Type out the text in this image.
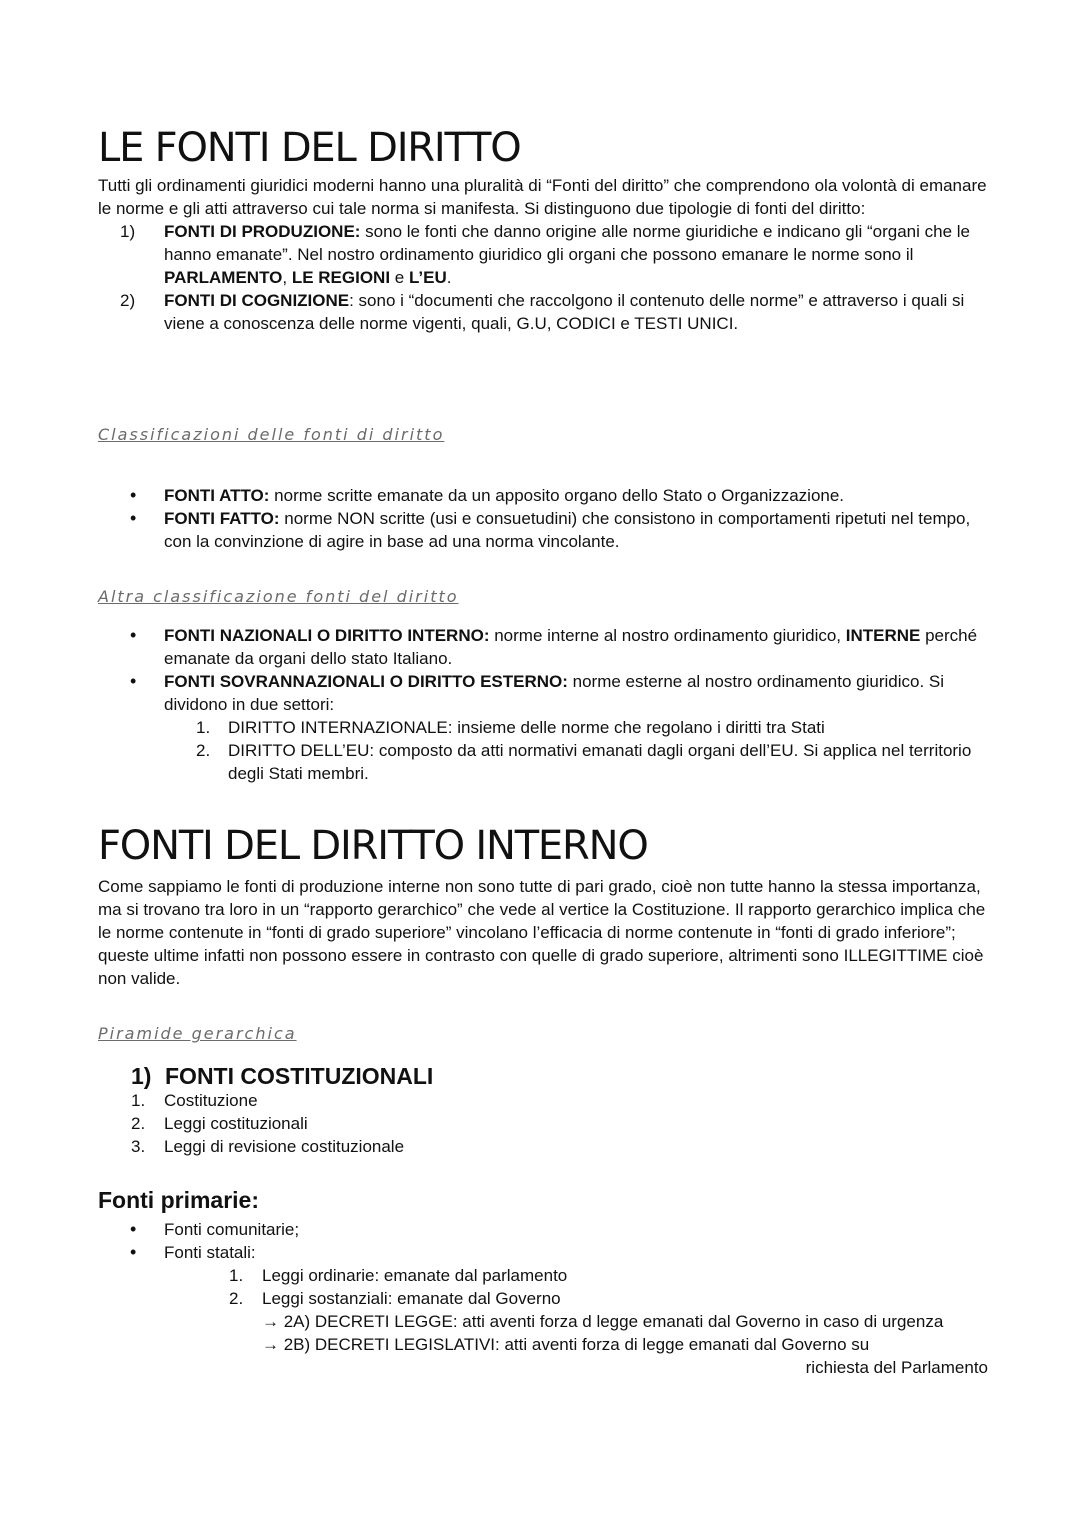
LE FONTI DEL DIRITTO

Tutti gli ordinamenti giuridici moderni hanno una pluralità di “Fonti del diritto” che comprendono ola volontà di emanare le norme e gli atti attraverso cui tale norma si manifesta. Si distinguono due tipologie di fonti del diritto:

1) FONTI DI PRODUZIONE: sono le fonti che danno origine alle norme giuridiche e indicano gli “organi che le hanno emanate”. Nel nostro ordinamento giuridico gli organi che possono emanare le norme sono il PARLAMENTO, LE REGIONI e L’EU.
2) FONTI DI COGNIZIONE: sono i “documenti che raccolgono il contenuto delle norme” e attraverso i quali si viene a conoscenza delle norme vigenti, quali, G.U, CODICI e TESTI UNICI.

Classificazioni delle fonti di diritto

• FONTI ATTO: norme scritte emanate da un apposito organo dello Stato o Organizzazione.
• FONTI FATTO: norme NON scritte (usi e consuetudini) che consistono in comportamenti ripetuti nel tempo, con la convinzione di agire in base ad una norma vincolante.

Altra classificazione fonti del diritto

• FONTI NAZIONALI O DIRITTO INTERNO: norme interne al nostro ordinamento giuridico, INTERNE perché emanate da organi dello stato Italiano.
• FONTI SOVRANNAZIONALI O DIRITTO ESTERNO: norme esterne al nostro ordinamento giuridico. Si dividono in due settori:
1. DIRITTO INTERNAZIONALE: insieme delle norme che regolano i diritti tra Stati
2. DIRITTO DELL’EU: composto da atti normativi emanati dagli organi dell’EU. Si applica nel territorio degli Stati membri.
FONTI DEL DIRITTO INTERNO

Come sappiamo le fonti di produzione interne non sono tutte di pari grado, cioè non tutte hanno la stessa importanza, ma si trovano tra loro in un “rapporto gerarchico” che vede al vertice la Costituzione. Il rapporto gerarchico implica che le norme contenute in “fonti di grado superiore” vincolano l’efficacia di norme contenute in “fonti di grado inferiore”; queste ultime infatti non possono essere in contrasto con quelle di grado superiore, altrimenti sono ILLEGITTIME cioè non valide.

Piramide gerarchica

1) FONTI COSTITUZIONALI

1. Costituzione
2. Leggi costituzionali
3. Leggi di revisione costituzionale

Fonti primarie:

• Fonti comunitarie;
• Fonti statali:
1. Leggi ordinarie: emanate dal parlamento
2. Leggi sostanziali: emanate dal Governo

→ 2A) DECRETI LEGGE: atti aventi forza d legge emanati dal Governo in caso di urgenza

→ 2B) DECRETI LEGISLATIVI: atti aventi forza di legge emanati dal Governo su

richiesta del Parlamento
